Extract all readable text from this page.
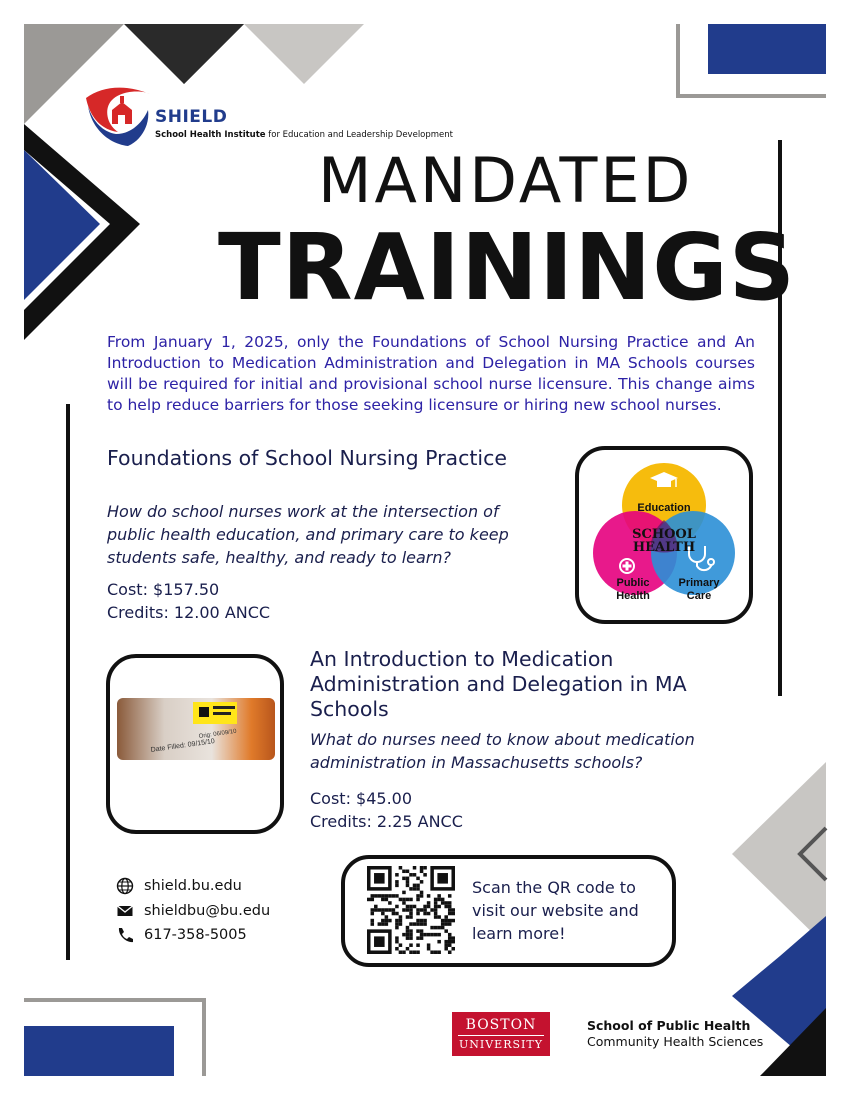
SHIELD
School Health Institute for Education and Leadership Development
MANDATED
TRAININGS
From January 1, 2025, only the Foundations of School Nursing Practice and An Introduction to Medication Administration and Delegation in MA Schools courses will be required for initial and provisional school nurse licensure. This change aims to help reduce barriers for those seeking licensure or hiring new school nurses.
Foundations of School Nursing Practice
How do school nurses work at the intersection of public health education, and primary care to keep students safe, healthy, and ready to learn?
Cost: $157.50
Credits: 12.00 ANCC
Education
SCHOOL
HEALTH
Public
Health
Primary
Care
Orig: 06/09/10
Date Filled: 09/15/10
An Introduction to Medication Administration and Delegation in MA Schools
What do nurses need to know about medication administration in Massachusetts schools?
Cost: $45.00
Credits: 2.25 ANCC
shield.bu.edu
shieldbu@bu.edu
617-358-5005
Scan the QR code to visit our website and learn more!
BOSTON
UNIVERSITY
School of Public Health
Community Health Sciences
